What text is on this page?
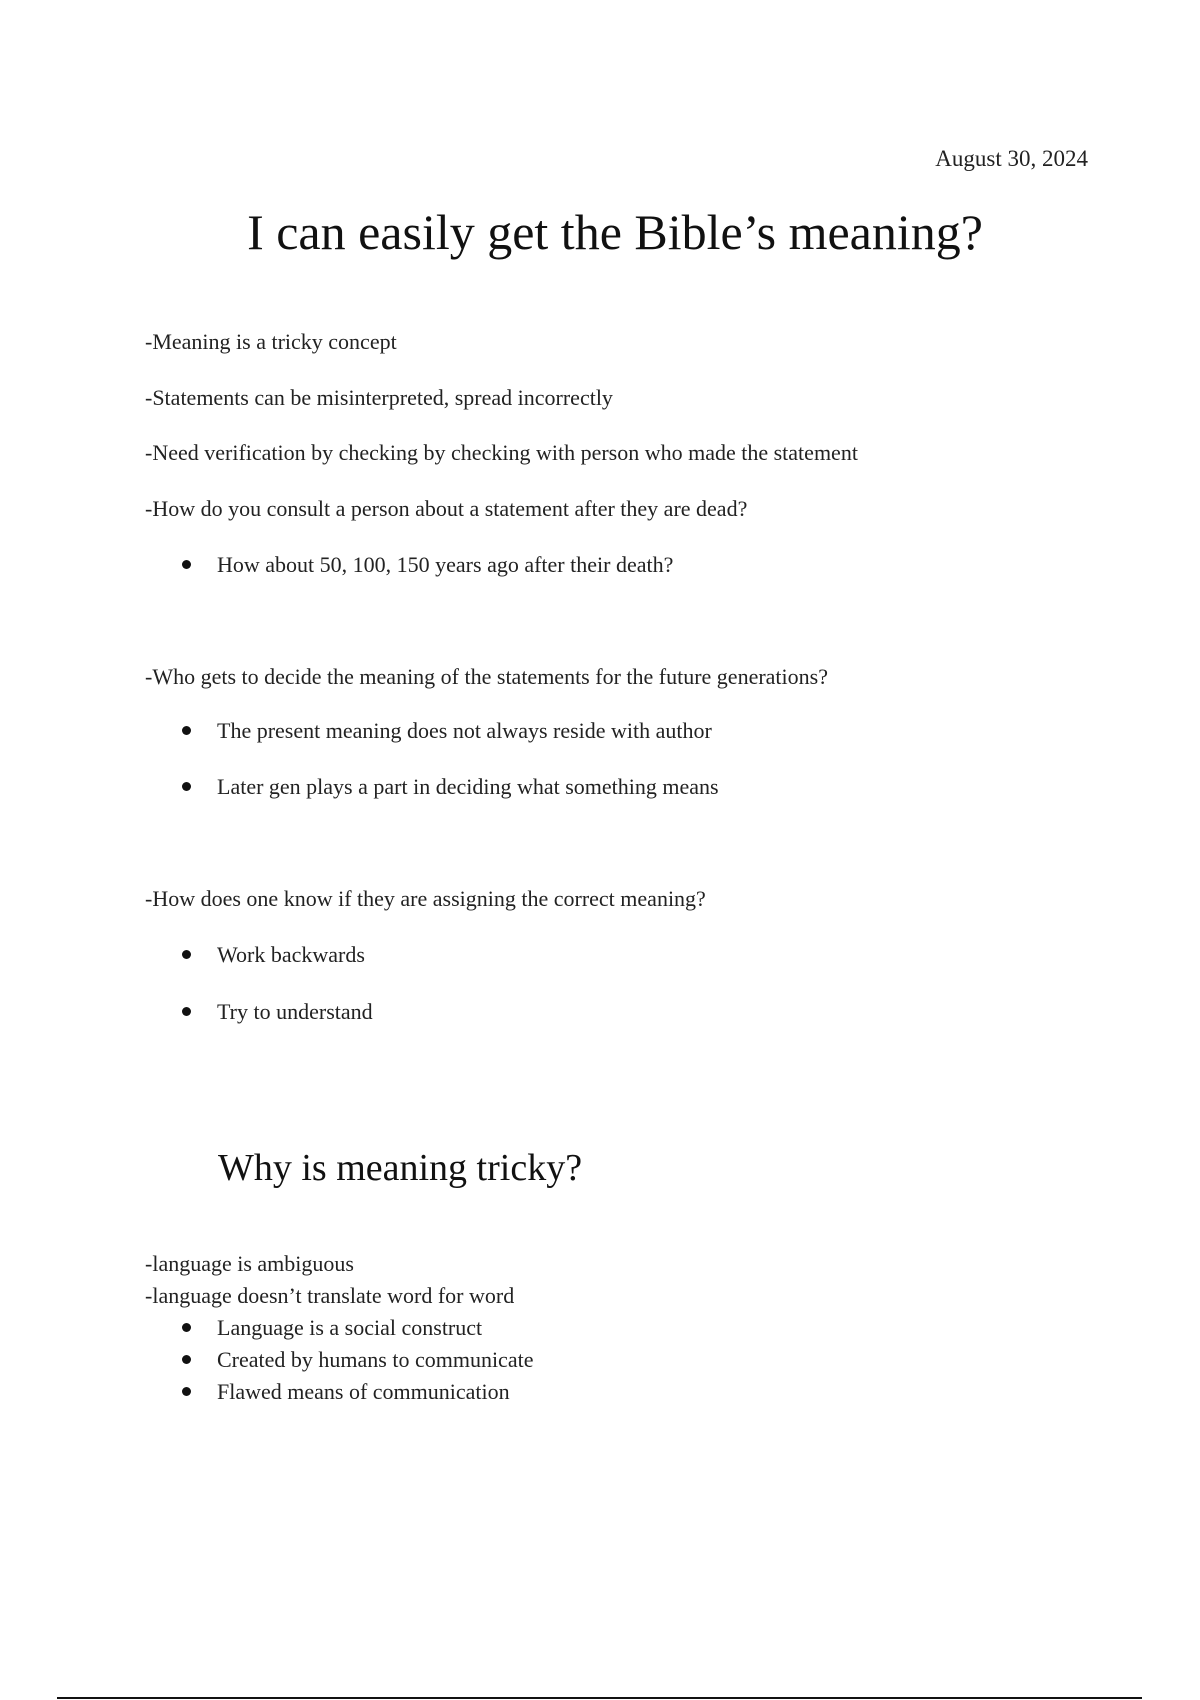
August 30, 2024
I can easily get the Bible’s meaning?
-Meaning is a tricky concept
-Statements can be misinterpreted, spread incorrectly
-Need verification by checking by checking with person who made the statement
-How do you consult a person about a statement after they are dead?
How about 50, 100, 150 years ago after their death?
-Who gets to decide the meaning of the statements for the future generations?
The present meaning does not always reside with author
Later gen plays a part in deciding what something means
-How does one know if they are assigning the correct meaning?
Work backwards
Try to understand
Why is meaning tricky?
-language is ambiguous
-language doesn’t translate word for word
Language is a social construct
Created by humans to communicate
Flawed means of communication
